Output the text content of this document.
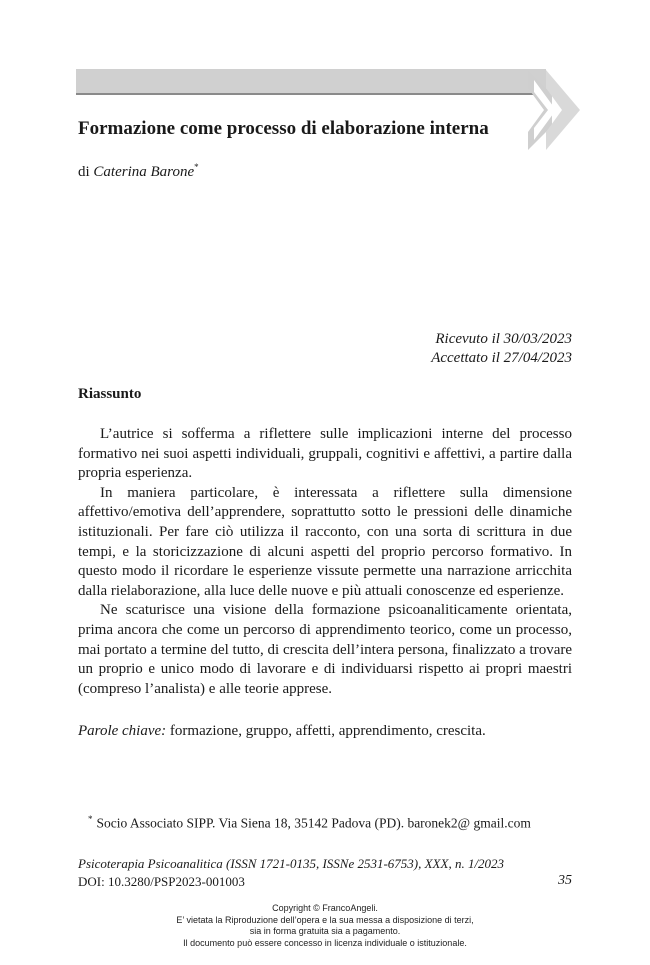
Formazione come processo di elaborazione interna
di Caterina Barone*
Ricevuto il 30/03/2023
Accettato il 27/04/2023
Riassunto

L’autrice si sofferma a riflettere sulle implicazioni interne del processo formativo nei suoi aspetti individuali, gruppali, cognitivi e affettivi, a partire dalla propria esperienza.

In maniera particolare, è interessata a riflettere sulla dimensione affettivo/emotiva dell’apprendere, soprattutto sotto le pressioni delle dinamiche istituzionali. Per fare ciò utilizza il racconto, con una sorta di scrittura in due tempi, e la storicizzazione di alcuni aspetti del proprio percorso formativo. In questo modo il ricordare le esperienze vissute permette una narrazione arricchita dalla rielaborazione, alla luce delle nuove e più attuali conoscenze ed esperienze.

Ne scaturisce una visione della formazione psicoanaliticamente orientata, prima ancora che come un percorso di apprendimento teorico, come un processo, mai portato a termine del tutto, di crescita dell’intera persona, finalizzato a trovare un proprio e unico modo di lavorare e di individuarsi rispetto ai propri maestri (compreso l’analista) e alle teorie apprese.

Parole chiave: formazione, gruppo, affetti, apprendimento, crescita.
* Socio Associato SIPP. Via Siena 18, 35142 Padova (PD). baronek2@ gmail.com
Psicoterapia Psicoanalitica (ISSN 1721-0135, ISSNe 2531-6753), XXX, n. 1/2023
DOI: 10.3280/PSP2023-001003	35
Copyright © FrancoAngeli.
E’ vietata la Riproduzione dell’opera e la sua messa a disposizione di terzi,
sia in forma gratuita sia a pagamento.
Il documento può essere concesso in licenza individuale o istituzionale.
